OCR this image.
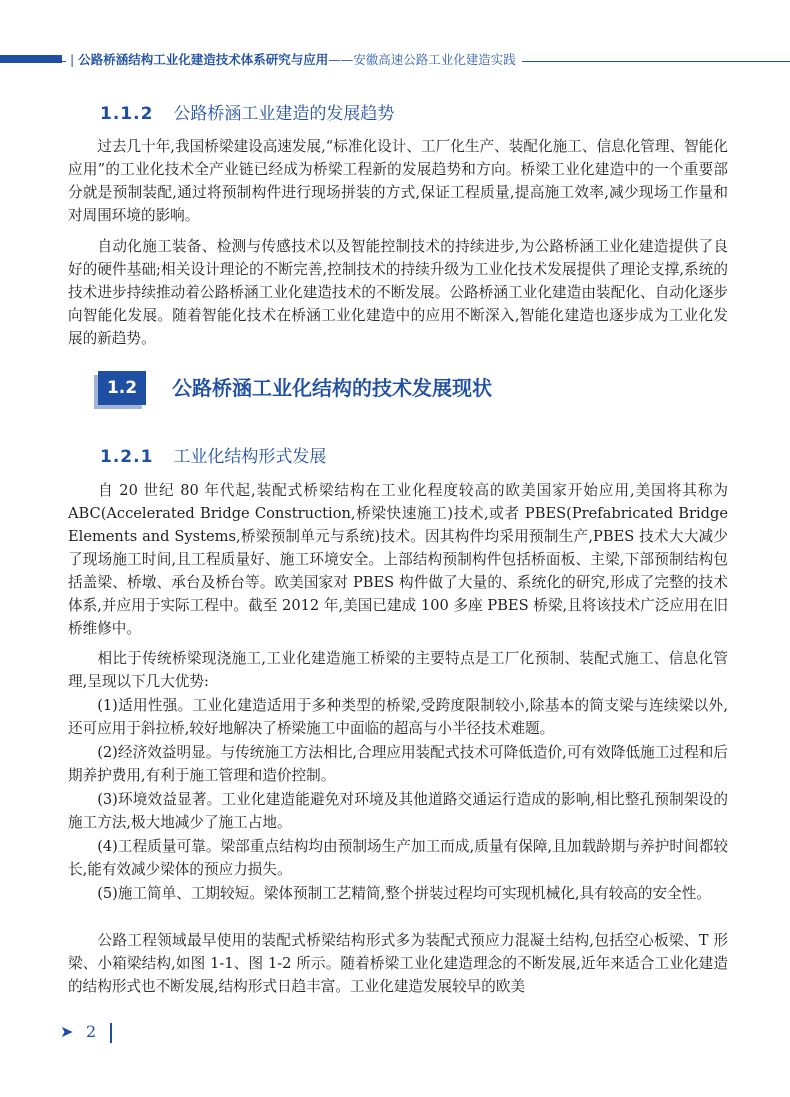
| 公路桥涵结构工业化建造技术体系研究与应用——安徽高速公路工业化建造实践
1.1.2 公路桥涵工业建造的发展趋势

  过去几十年,我国桥梁建设高速发展,“标准化设计、工厂化生产、装配化施工、信息化管理、智能化应用”的工业化技术全产业链已经成为桥梁工程新的发展趋势和方向。桥梁工业化建造中的一个重要部分就是预制装配,通过将预制构件进行现场拼装的方式,保证工程质量,提高施工效率,减少现场工作量和对周围环境的影响。

  自动化施工装备、检测与传感技术以及智能控制技术的持续进步,为公路桥涵工业化建造提供了良好的硬件基础;相关设计理论的不断完善,控制技术的持续升级为工业化技术发展提供了理论支撑,系统的技术进步持续推动着公路桥涵工业化建造技术的不断发展。公路桥涵工业化建造由装配化、自动化逐步向智能化发展。随着智能化技术在桥涵工业化建造中的应用不断深入,智能化建造也逐步成为工业化发展的新趋势。

1.2	公路桥涵工业化结构的技术发展现状
1.2.1 工业化结构形式发展

  自 20 世纪 80 年代起,装配式桥梁结构在工业化程度较高的欧美国家开始应用,美国将其称为 ABC(Accelerated Bridge Construction,桥梁快速施工)技术,或者 PBES(Prefabricated Bridge Elements and Systems,桥梁预制单元与系统)技术。因其构件均采用预制生产,PBES 技术大大减少了现场施工时间,且工程质量好、施工环境安全。上部结构预制构件包括桥面板、主梁,下部预制结构包括盖梁、桥墩、承台及桥台等。欧美国家对 PBES 构件做了大量的、系统化的研究,形成了完整的技术体系,并应用于实际工程中。截至 2012 年,美国已建成 100 多座 PBES 桥梁,且将该技术广泛应用在旧桥维修中。

  相比于传统桥梁现浇施工,工业化建造施工桥梁的主要特点是工厂化预制、装配式施工、信息化管理,呈现以下几大优势:

  (1)适用性强。工业化建造适用于多种类型的桥梁,受跨度限制较小,除基本的简支梁与连续梁以外,还可应用于斜拉桥,较好地解决了桥梁施工中面临的超高与小半径技术难题。

  (2)经济效益明显。与传统施工方法相比,合理应用装配式技术可降低造价,可有效降低施工过程和后期养护费用,有利于施工管理和造价控制。

  (3)环境效益显著。工业化建造能避免对环境及其他道路交通运行造成的影响,相比整孔预制架设的施工方法,极大地减少了施工占地。

  (4)工程质量可靠。梁部重点结构均由预制场生产加工而成,质量有保障,且加载龄期与养护时间都较长,能有效减少梁体的预应力损失。

  (5)施工简单、工期较短。梁体预制工艺精简,整个拼装过程均可实现机械化,具有较高的安全性。

  公路工程领域最早使用的装配式桥梁结构形式多为装配式预应力混凝土结构,包括空心板梁、T 形梁、小箱梁结构,如图 1-1、图 1-2 所示。随着桥梁工业化建造理念的不断发展,近年来适合工业化建造的结构形式也不断发展,结构形式日趋丰富。工业化建造发展较早的欧美

➤ 2
